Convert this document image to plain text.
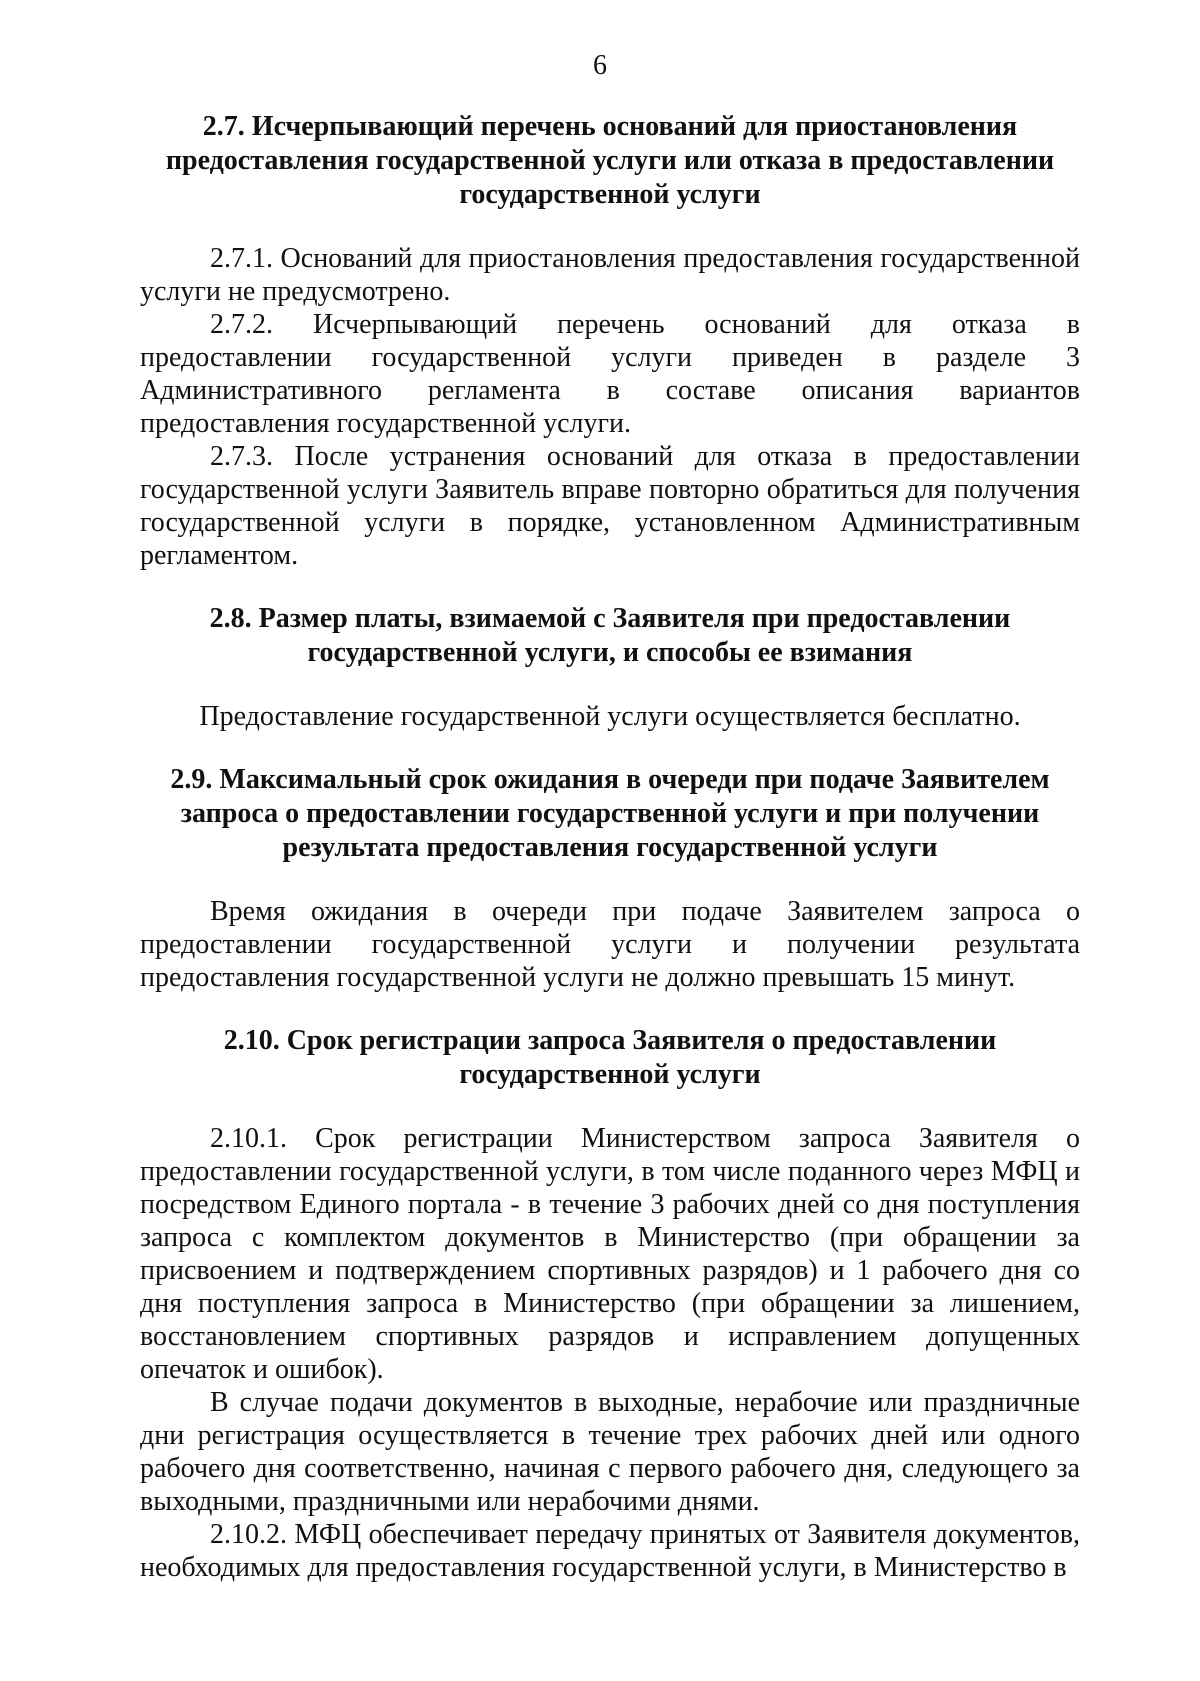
6
2.7. Исчерпывающий перечень оснований для приостановления предоставления государственной услуги или отказа в предоставлении государственной услуги

2.7.1. Оснований для приостановления предоставления государственной услуги не предусмотрено.

2.7.2. Исчерпывающий перечень оснований для отказа в предоставлении государственной услуги приведен в разделе 3 Административного регламента в составе описания вариантов предоставления государственной услуги.

2.7.3. После устранения оснований для отказа в предоставлении государственной услуги Заявитель вправе повторно обратиться для получения государственной услуги в порядке, установленном Административным регламентом.

2.8. Размер платы, взимаемой с Заявителя при предоставлении государственной услуги, и способы ее взимания

Предоставление государственной услуги осуществляется бесплатно.

2.9. Максимальный срок ожидания в очереди при подаче Заявителем запроса о предоставлении государственной услуги и при получении результата предоставления государственной услуги

Время ожидания в очереди при подаче Заявителем запроса о предоставлении государственной услуги и получении результата предоставления государственной услуги не должно превышать 15 минут.

2.10. Срок регистрации запроса Заявителя о предоставлении государственной услуги

2.10.1. Срок регистрации Министерством запроса Заявителя о предоставлении государственной услуги, в том числе поданного через МФЦ и посредством Единого портала - в течение 3 рабочих дней со дня поступления запроса с комплектом документов в Министерство (при обращении за присвоением и подтверждением спортивных разрядов) и 1 рабочего дня со дня поступления запроса в Министерство (при обращении за лишением, восстановлением спортивных разрядов и исправлением допущенных опечаток и ошибок).

В случае подачи документов в выходные, нерабочие или праздничные дни регистрация осуществляется в течение трех рабочих дней или одного рабочего дня соответственно, начиная с первого рабочего дня, следующего за выходными, праздничными или нерабочими днями.

2.10.2. МФЦ обеспечивает передачу принятых от Заявителя документов, необходимых для предоставления государственной услуги, в Министерство в
